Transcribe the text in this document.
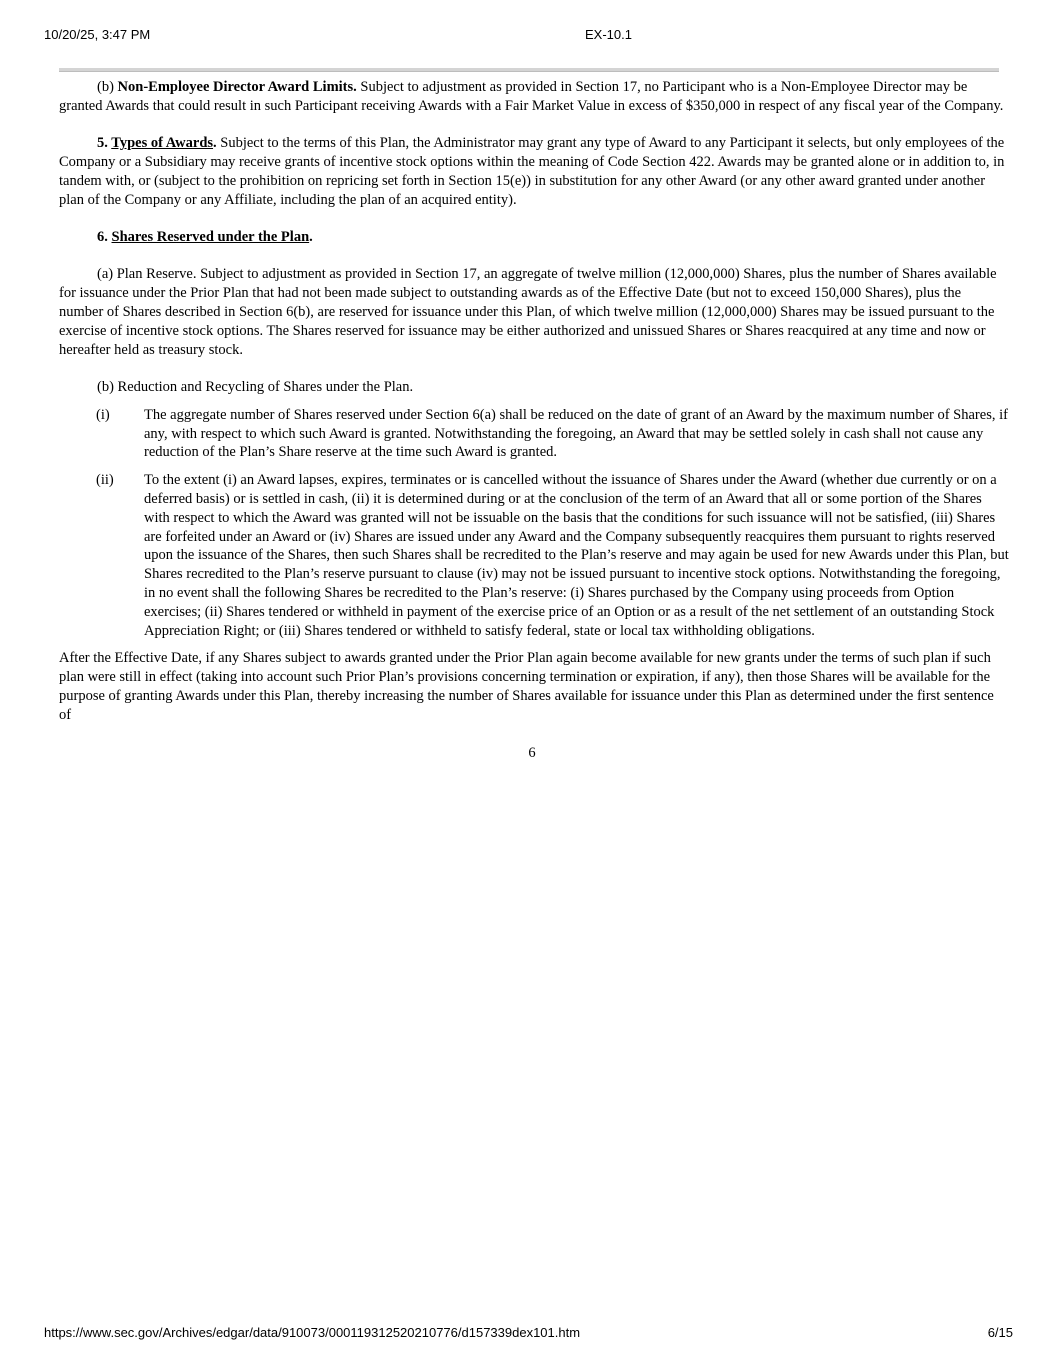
10/20/25, 3:47 PM	EX-10.1

(b) Non-Employee Director Award Limits. Subject to adjustment as provided in Section 17, no Participant who is a Non-Employee Director may be granted Awards that could result in such Participant receiving Awards with a Fair Market Value in excess of $350,000 in respect of any fiscal year of the Company.

5. Types of Awards. Subject to the terms of this Plan, the Administrator may grant any type of Award to any Participant it selects, but only employees of the Company or a Subsidiary may receive grants of incentive stock options within the meaning of Code Section 422. Awards may be granted alone or in addition to, in tandem with, or (subject to the prohibition on repricing set forth in Section 15(e)) in substitution for any other Award (or any other award granted under another plan of the Company or any Affiliate, including the plan of an acquired entity).

6. Shares Reserved under the Plan.

(a) Plan Reserve. Subject to adjustment as provided in Section 17, an aggregate of twelve million (12,000,000) Shares, plus the number of Shares available for issuance under the Prior Plan that had not been made subject to outstanding awards as of the Effective Date (but not to exceed 150,000 Shares), plus the number of Shares described in Section 6(b), are reserved for issuance under this Plan, of which twelve million (12,000,000) Shares may be issued pursuant to the exercise of incentive stock options. The Shares reserved for issuance may be either authorized and unissued Shares or Shares reacquired at any time and now or hereafter held as treasury stock.

(b) Reduction and Recycling of Shares under the Plan.

(i) The aggregate number of Shares reserved under Section 6(a) shall be reduced on the date of grant of an Award by the maximum number of Shares, if any, with respect to which such Award is granted. Notwithstanding the foregoing, an Award that may be settled solely in cash shall not cause any reduction of the Plan’s Share reserve at the time such Award is granted.
(ii) To the extent (i) an Award lapses, expires, terminates or is cancelled without the issuance of Shares under the Award (whether due currently or on a deferred basis) or is settled in cash, (ii) it is determined during or at the conclusion of the term of an Award that all or some portion of the Shares with respect to which the Award was granted will not be issuable on the basis that the conditions for such issuance will not be satisfied, (iii) Shares are forfeited under an Award or (iv) Shares are issued under any Award and the Company subsequently reacquires them pursuant to rights reserved upon the issuance of the Shares, then such Shares shall be recredited to the Plan’s reserve and may again be used for new Awards under this Plan, but Shares recredited to the Plan’s reserve pursuant to clause (iv) may not be issued pursuant to incentive stock options. Notwithstanding the foregoing, in no event shall the following Shares be recredited to the Plan’s reserve: (i) Shares purchased by the Company using proceeds from Option exercises; (ii) Shares tendered or withheld in payment of the exercise price of an Option or as a result of the net settlement of an outstanding Stock Appreciation Right; or (iii) Shares tendered or withheld to satisfy federal, state or local tax withholding obligations.

After the Effective Date, if any Shares subject to awards granted under the Prior Plan again become available for new grants under the terms of such plan if such plan were still in effect (taking into account such Prior Plan’s provisions concerning termination or expiration, if any), then those Shares will be available for the purpose of granting Awards under this Plan, thereby increasing the number of Shares available for issuance under this Plan as determined under the first sentence of

6
https://www.sec.gov/Archives/edgar/data/910073/000119312520210776/d157339dex101.htm	6/15
